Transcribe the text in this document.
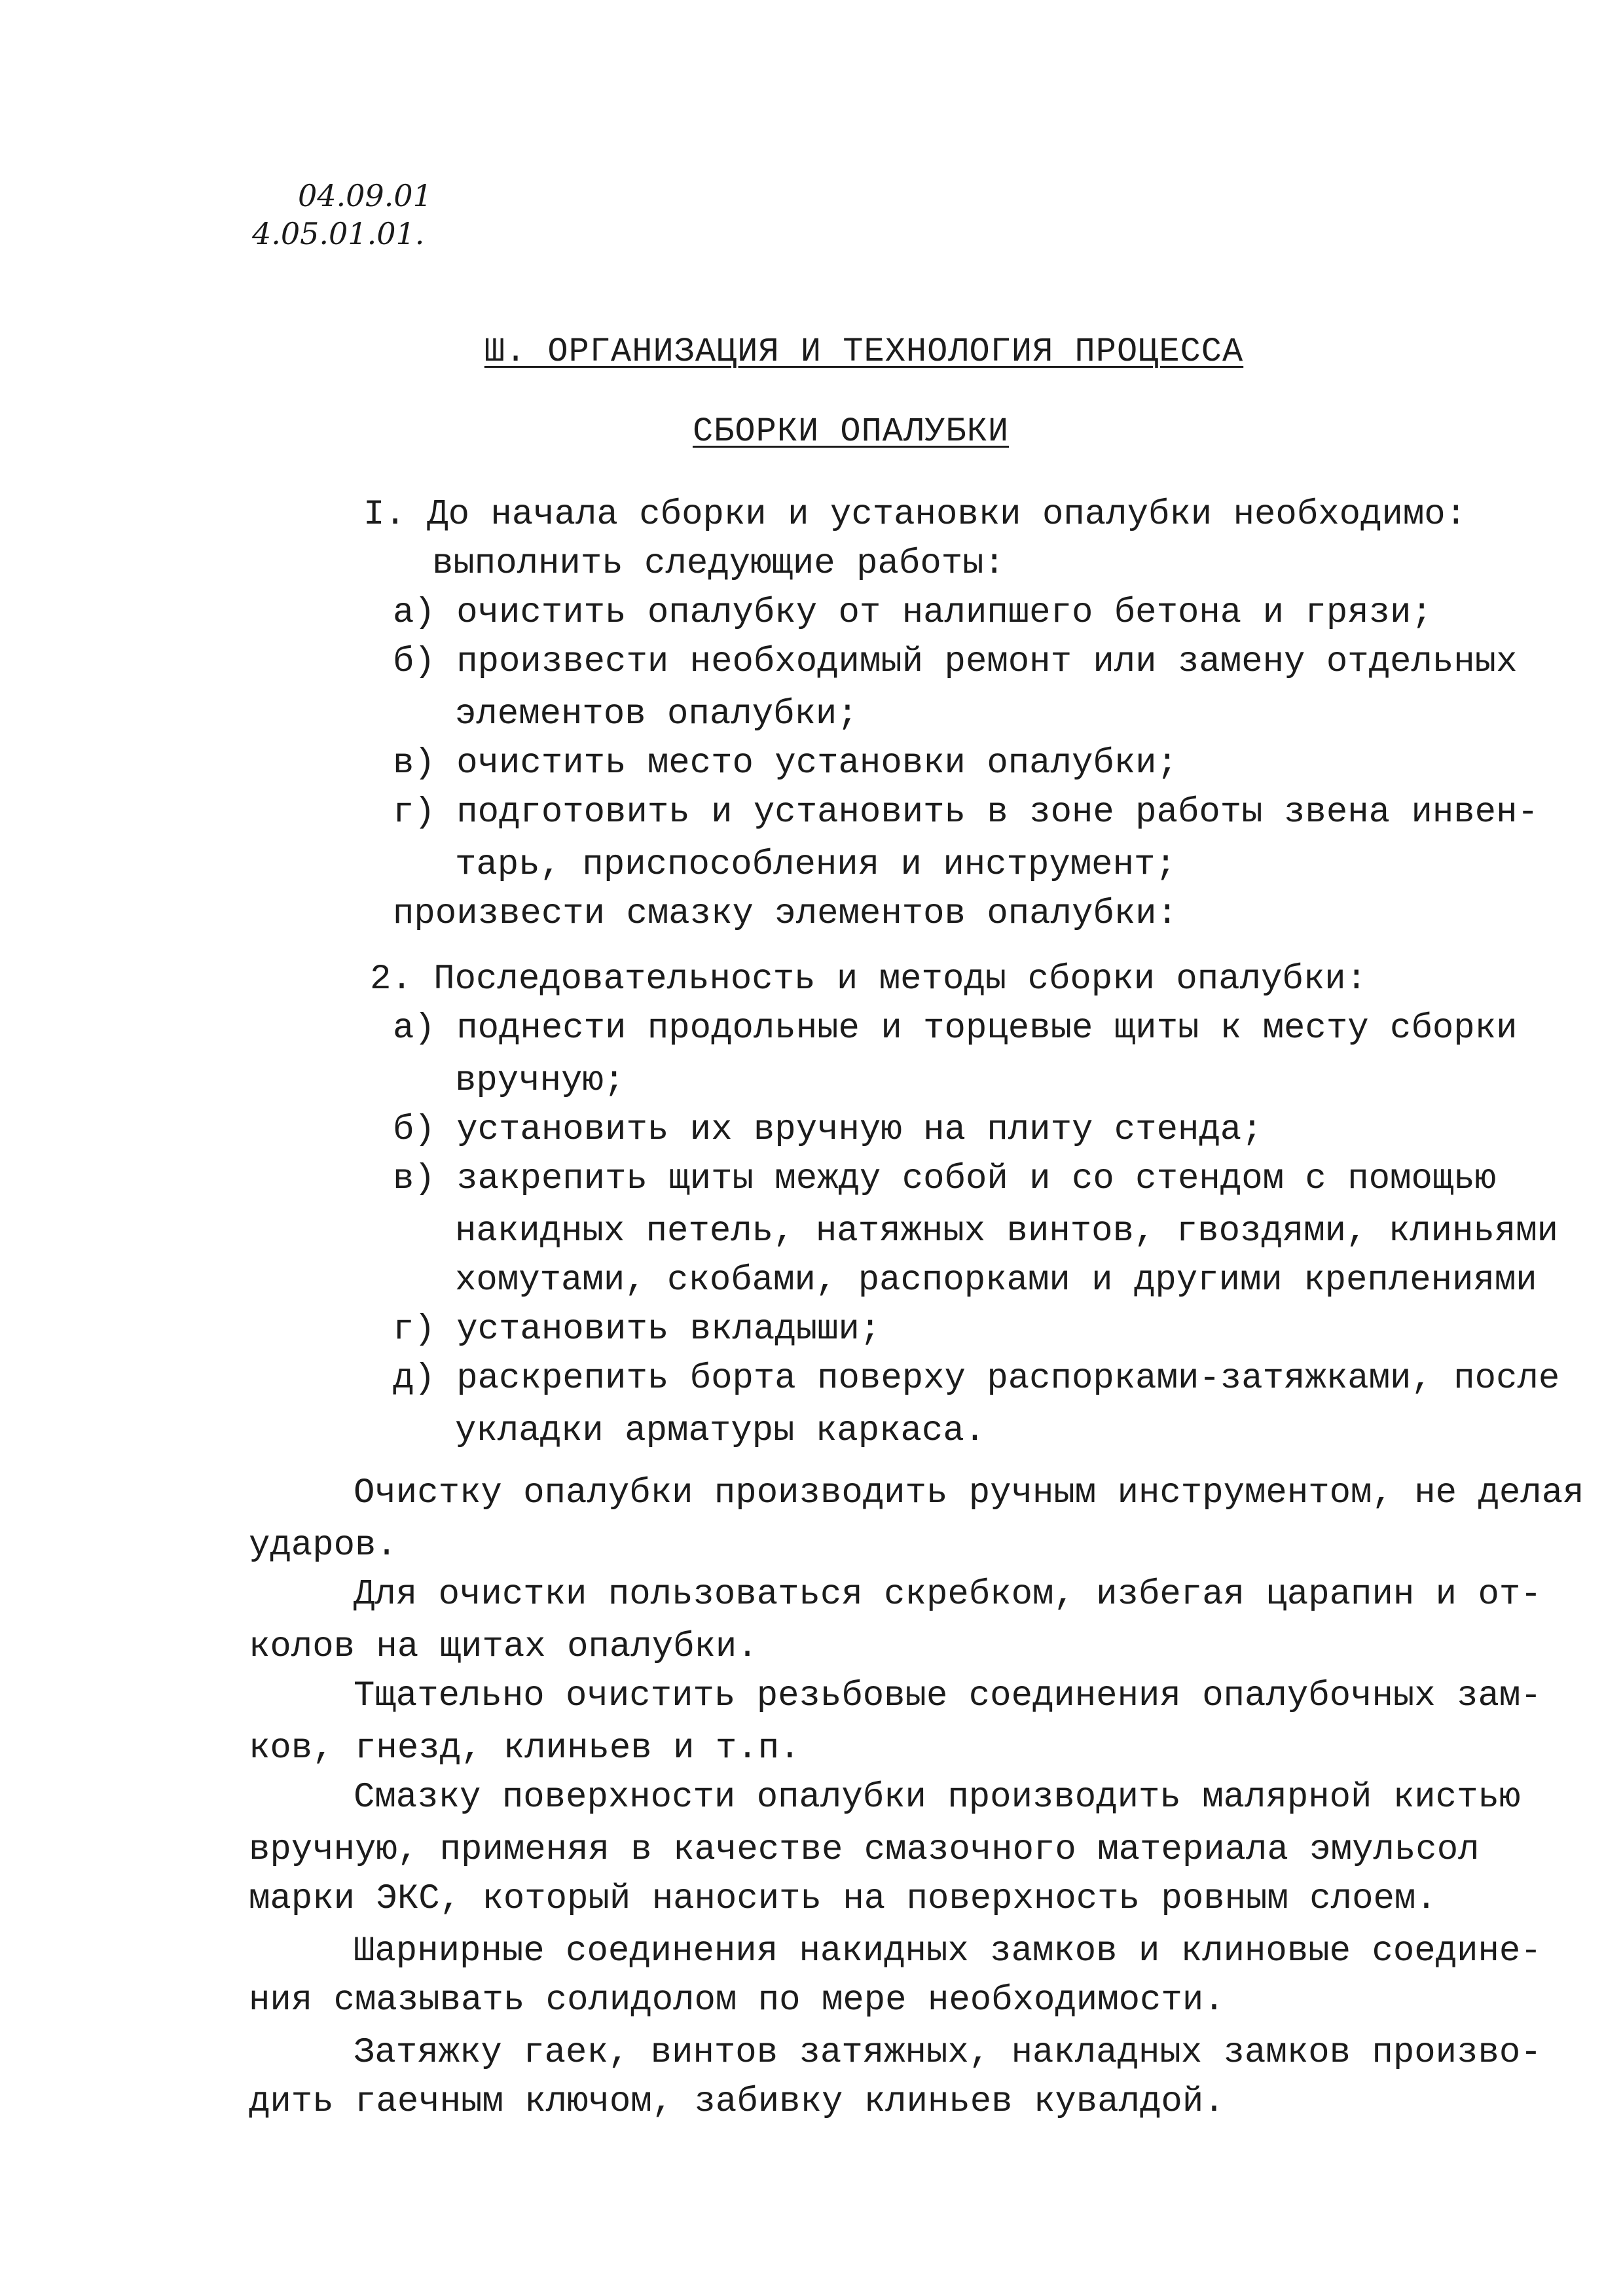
04.09.01
4.05.01.01.
Ш. ОРГАНИЗАЦИЯ И ТЕХНОЛОГИЯ ПРОЦЕССА
СБОРКИ ОПАЛУБКИ
I. До начала сборки и установки опалубки необходимо:
выполнить следующие работы:
а) очистить опалубку от налипшего бетона и грязи;
б) произвести необходимый ремонт или замену отдельных
элементов опалубки;
в) очистить место установки опалубки;
г) подготовить и установить в зоне работы звена инвен-
тарь, приспособления и инструмент;
произвести смазку элементов опалубки:
2. Последовательность и методы сборки опалубки:
а) поднести продольные и торцевые щиты к месту сборки
вручную;
б) установить их вручную на плиту стенда;
в) закрепить щиты между собой и со стендом с помощью
накидных петель, натяжных винтов, гвоздями, клиньями
хомутами, скобами, распорками и другими креплениями
г) установить вкладыши;
д) раскрепить борта поверху распорками-затяжками, после
укладки арматуры каркаса.
Очистку опалубки производить ручным инструментом, не делая
ударов.
Для очистки пользоваться скребком, избегая царапин и от-
колов на щитах опалубки.
Тщательно очистить резьбовые соединения опалубочных зам-
ков, гнезд, клиньев и т.п.
Смазку поверхности опалубки производить малярной кистью
вручную, применяя в качестве смазочного материала эмульсол
марки ЭКС, который наносить на поверхность ровным слоем.
Шарнирные соединения накидных замков и клиновые соедине-
ния смазывать солидолом по мере необходимости.
Затяжку гаек, винтов затяжных, накладных замков произво-
дить гаечным ключом, забивку клиньев кувалдой.
